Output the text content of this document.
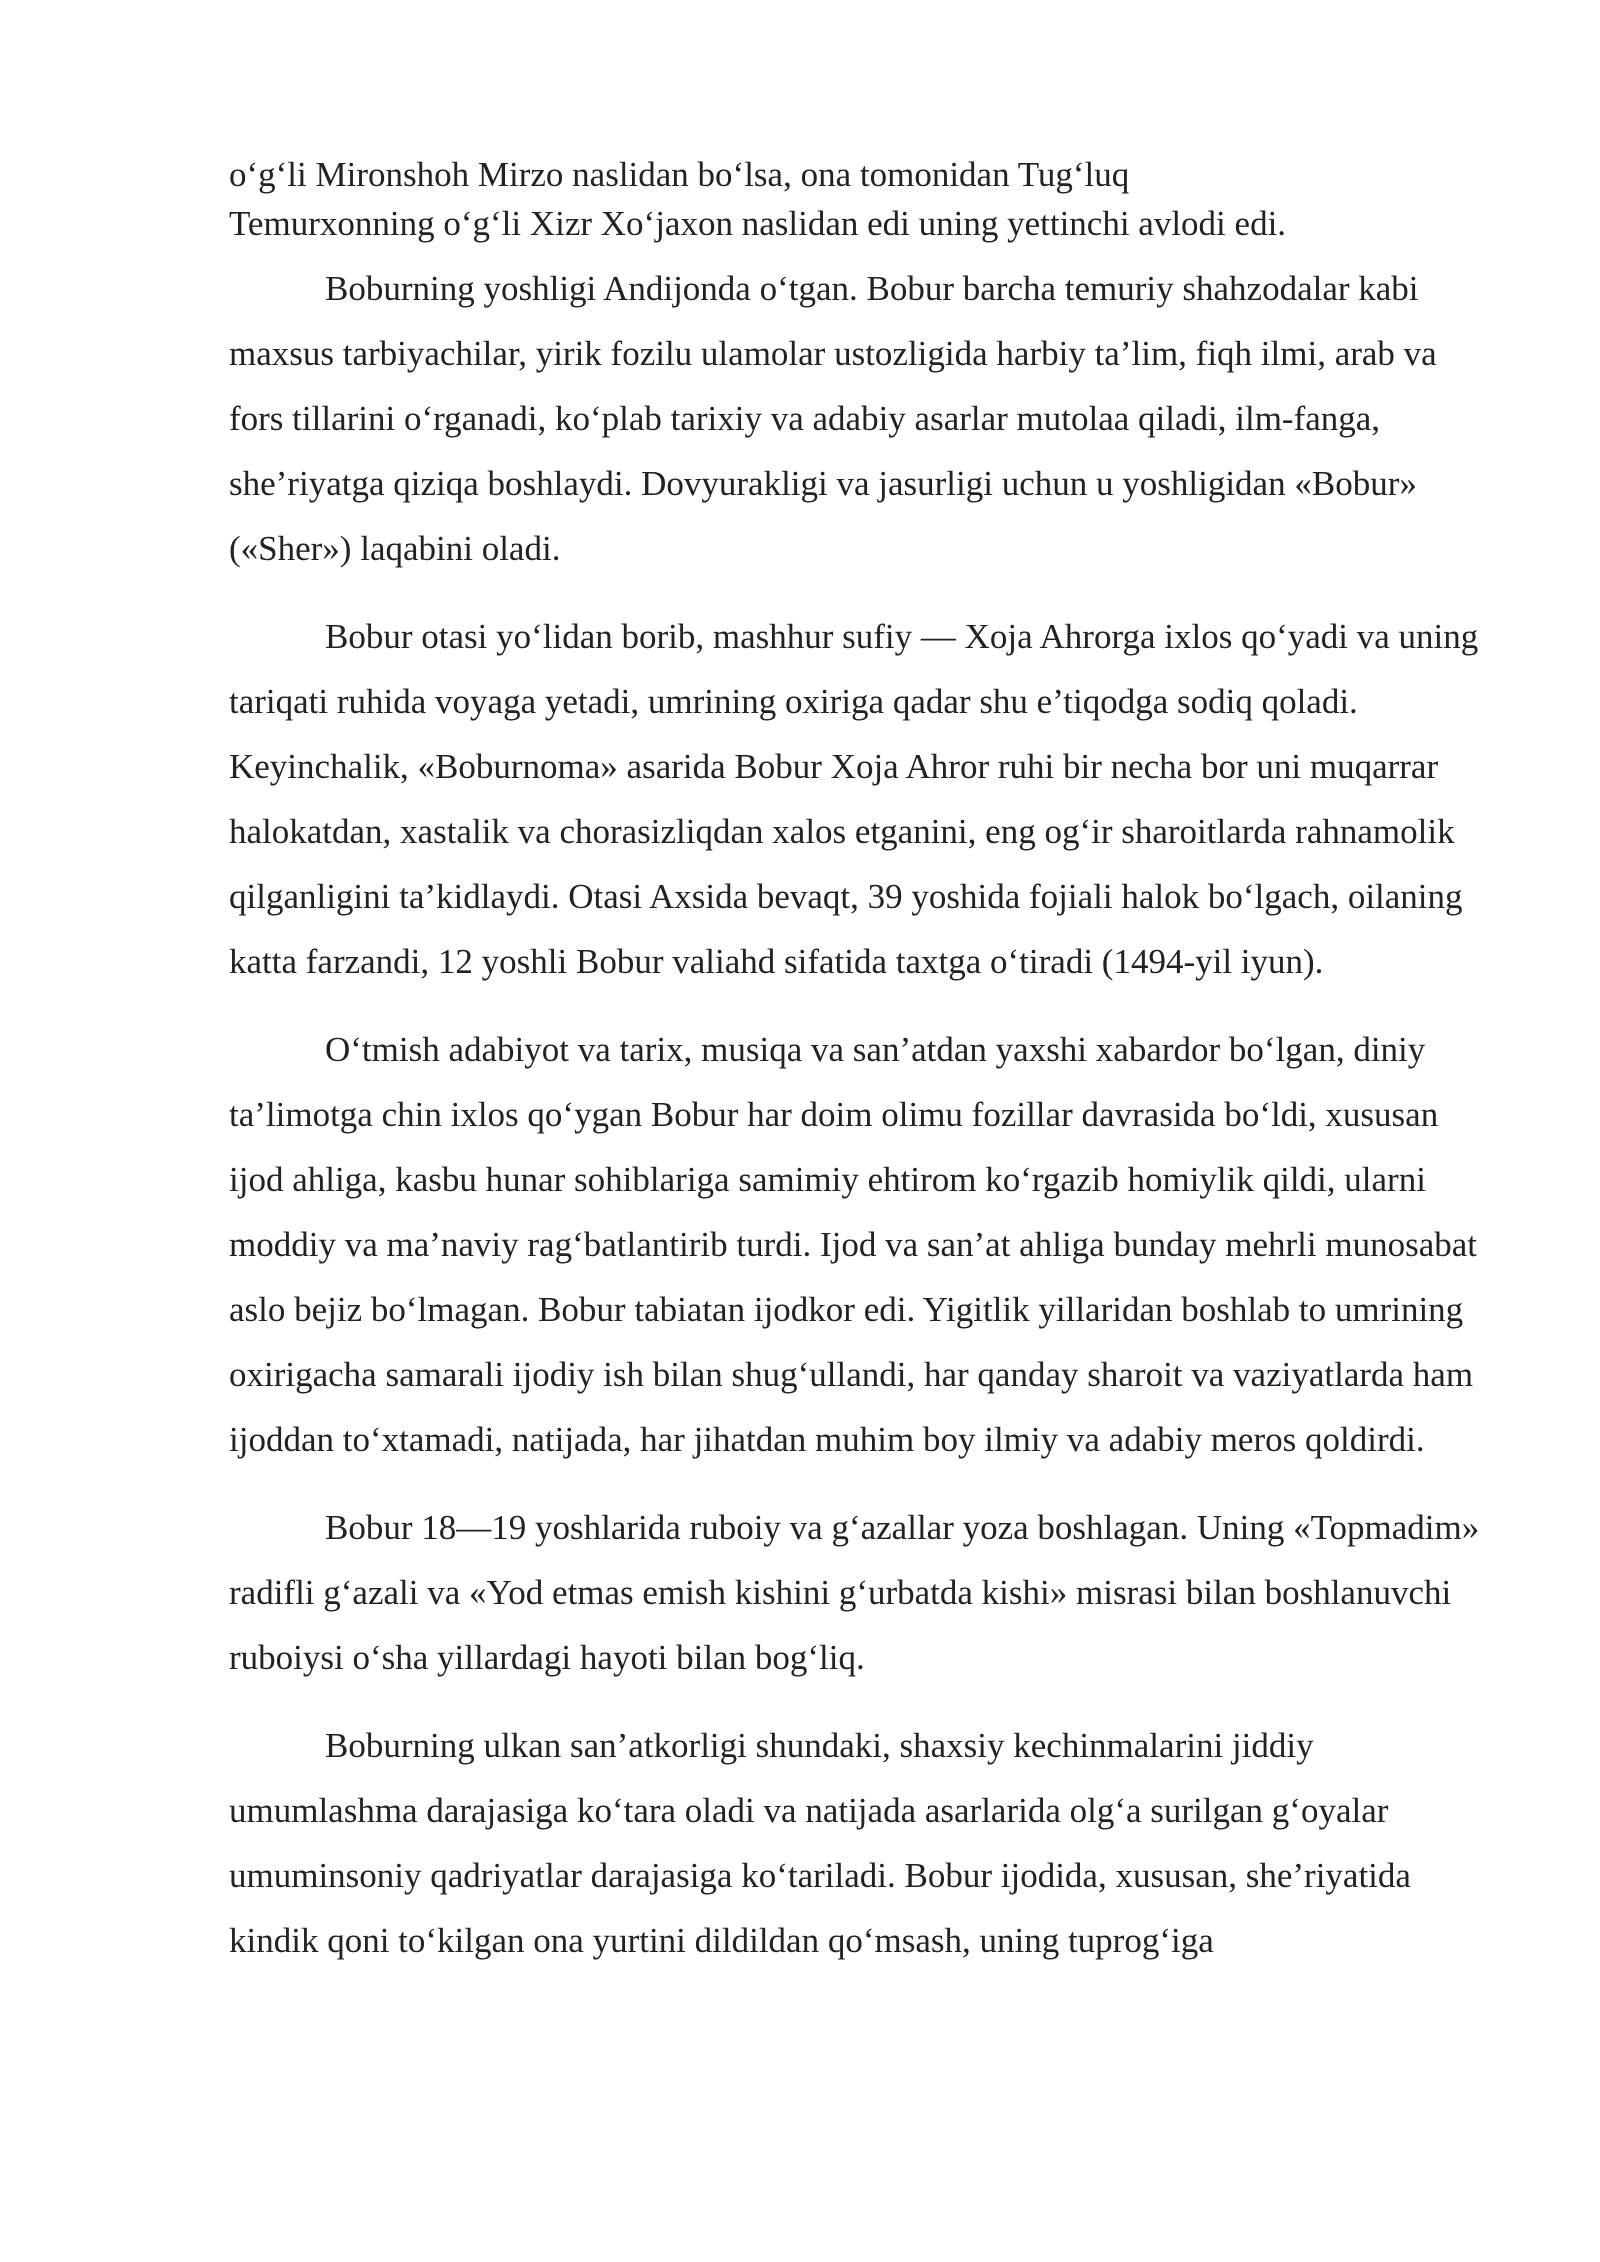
o‘g‘li Mironshoh Mirzo naslidan bo‘lsa, ona tomonidan Tug‘luq
Temurxonning o‘g‘li Xizr Xo‘jaxon naslidan edi uning yettinchi avlodi edi.

Boburning yoshligi Andijonda o‘tgan. Bobur barcha temuriy shahzodalar kabi maxsus tarbiyachilar, yirik fozilu ulamolar ustozligida harbiy ta’lim, fiqh ilmi, arab va fors tillarini o‘rganadi, ko‘plab tarixiy va adabiy asarlar mutolaa qiladi, ilm-fanga, she’riyatga qiziqa boshlaydi. Dovyurakligi va jasurligi uchun u yoshligidan «Bobur» («Sher») laqabini oladi.

Bobur otasi yo‘lidan borib, mashhur sufiy — Xoja Ahrorga ixlos qo‘yadi va uning tariqati ruhida voyaga yetadi, umrining oxiriga qadar shu e’tiqodga sodiq qoladi. Keyinchalik, «Boburnoma» asarida Bobur Xoja Ahror ruhi bir necha bor uni muqarrar halokatdan, xastalik va chorasizliqdan xalos etganini, eng og‘ir sharoitlarda rahnamolik qilganligini ta’kidlaydi. Otasi Axsida bevaqt, 39 yoshida fojiali halok bo‘lgach, oilaning katta farzandi, 12 yoshli Bobur valiahd sifatida taxtga o‘tiradi (1494-yil iyun).

O‘tmish adabiyot va tarix, musiqa va san’atdan yaxshi xabardor bo‘lgan, diniy ta’limotga chin ixlos qo‘ygan Bobur har doim olimu fozillar davrasida bo‘ldi, xususan ijod ahliga, kasbu hunar sohiblariga samimiy ehtirom ko‘rgazib homiylik qildi, ularni moddiy va ma’naviy rag‘batlantirib turdi. Ijod va san’at ahliga bunday mehrli munosabat aslo bejiz bo‘lmagan. Bobur tabiatan ijodkor edi. Yigitlik yillaridan boshlab to umrining oxirigacha samarali ijodiy ish bilan shug‘ullandi, har qanday sharoit va vaziyatlarda ham ijoddan to‘xtamadi, natijada, har jihatdan muhim boy ilmiy va adabiy meros qoldirdi.

Bobur 18—19 yoshlarida ruboiy va g‘azallar yoza boshlagan. Uning «Topmadim» radifli g‘azali va «Yod etmas emish kishini g‘urbatda kishi» misrasi bilan boshlanuvchi ruboiysi o‘sha yillardagi hayoti bilan bog‘liq.

Boburning ulkan san’atkorligi shundaki, shaxsiy kechinmalarini jiddiy umumlashma darajasiga ko‘tara oladi va natijada asarlarida olg‘a surilgan g‘oyalar umuminsoniy qadriyatlar darajasiga ko‘tariladi. Bobur ijodida, xususan, she’riyatida kindik qoni to‘kilgan ona yurtini dildildan qo‘msash, uning tuprog‘iga
